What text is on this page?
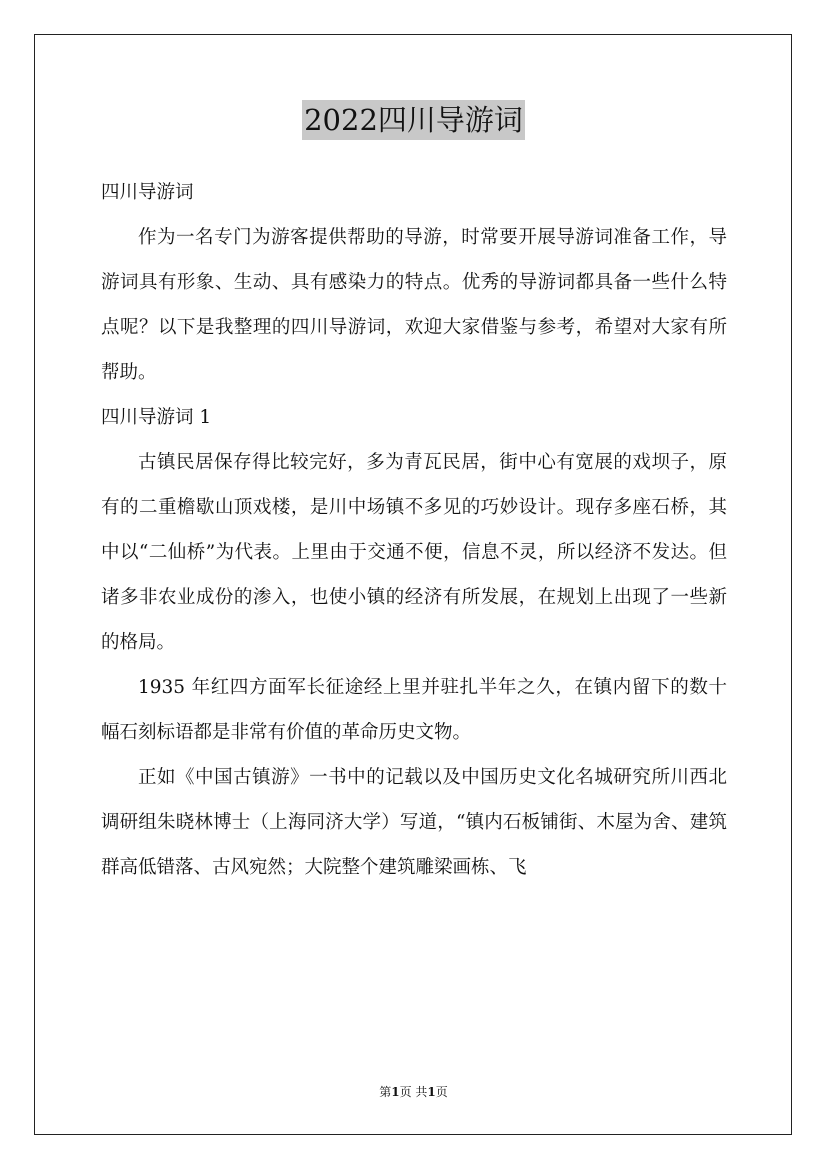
2022四川导游词

四川导游词

作为一名专门为游客提供帮助的导游，时常要开展导游词准备工作，导游词具有形象、生动、具有感染力的特点。优秀的导游词都具备一些什么特点呢？以下是我整理的四川导游词，欢迎大家借鉴与参考，希望对大家有所帮助。

四川导游词 1

古镇民居保存得比较完好，多为青瓦民居，街中心有宽展的戏坝子，原有的二重檐歇山顶戏楼，是川中场镇不多见的巧妙设计。现存多座石桥，其中以“二仙桥”为代表。上里由于交通不便，信息不灵，所以经济不发达。但诸多非农业成份的渗入，也使小镇的经济有所发展，在规划上出现了一些新的格局。

1935 年红四方面军长征途经上里并驻扎半年之久，在镇内留下的数十幅石刻标语都是非常有价值的革命历史文物。

正如《中国古镇游》一书中的记载以及中国历史文化名城研究所川西北调研组朱晓林博士（上海同济大学）写道，“镇内石板铺街、木屋为舍、建筑群高低错落、古风宛然；大院整个建筑雕梁画栋、飞

第1页 共1页
